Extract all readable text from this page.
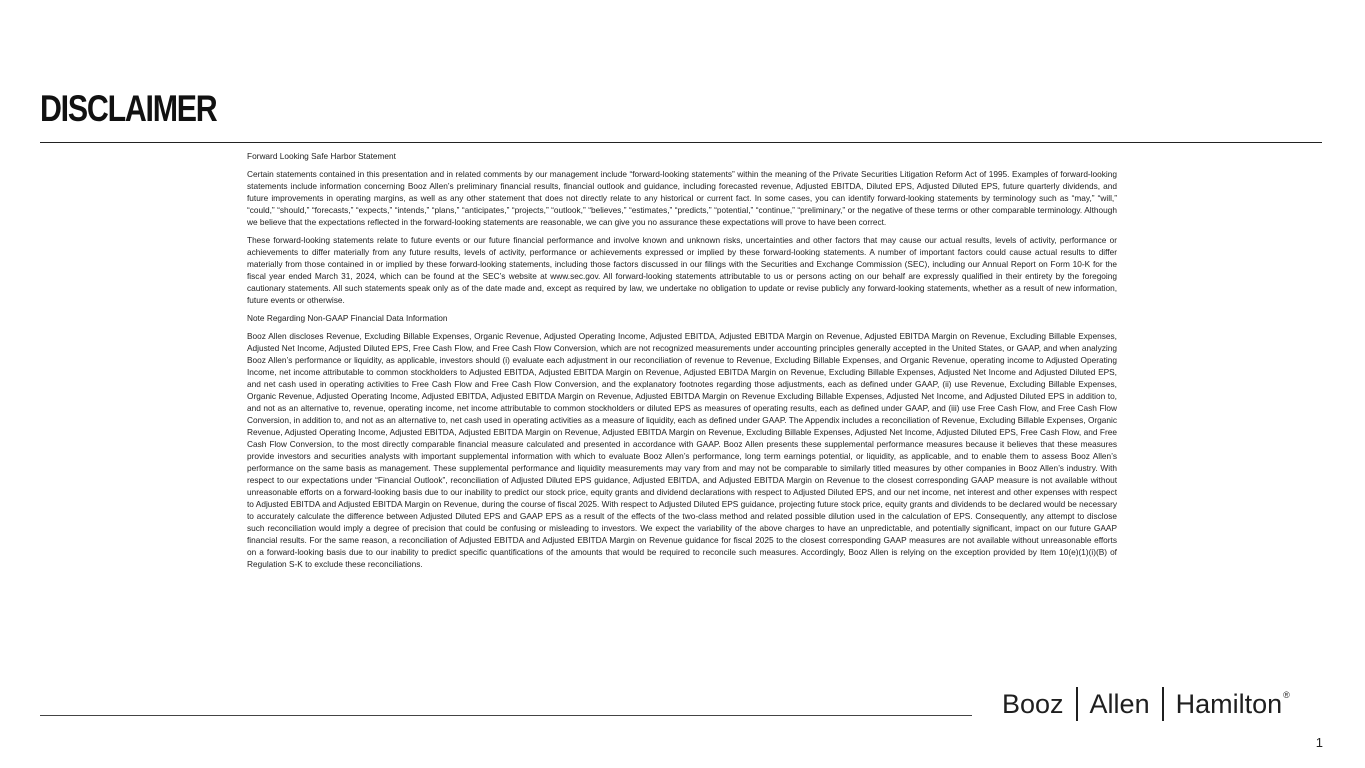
DISCLAIMER

Forward Looking Safe Harbor Statement

Certain statements contained in this presentation and in related comments by our management include “forward-looking statements” within the meaning of the Private Securities Litigation Reform Act of 1995. Examples of forward-looking statements include information concerning Booz Allen’s preliminary financial results, financial outlook and guidance, including forecasted revenue, Adjusted EBITDA, Diluted EPS, Adjusted Diluted EPS, future quarterly dividends, and future improvements in operating margins, as well as any other statement that does not directly relate to any historical or current fact. In some cases, you can identify forward-looking statements by terminology such as “may,” “will,” “could,” “should,” “forecasts,” “expects,” “intends,” “plans,” “anticipates,” “projects,” “outlook,” “believes,” “estimates,” “predicts,” “potential,” “continue,” “preliminary,” or the negative of these terms or other comparable terminology. Although we believe that the expectations reflected in the forward-looking statements are reasonable, we can give you no assurance these expectations will prove to have been correct.

These forward-looking statements relate to future events or our future financial performance and involve known and unknown risks, uncertainties and other factors that may cause our actual results, levels of activity, performance or achievements to differ materially from any future results, levels of activity, performance or achievements expressed or implied by these forward-looking statements. A number of important factors could cause actual results to differ materially from those contained in or implied by these forward-looking statements, including those factors discussed in our filings with the Securities and Exchange Commission (SEC), including our Annual Report on Form 10-K for the fiscal year ended March 31, 2024, which can be found at the SEC’s website at www.sec.gov. All forward-looking statements attributable to us or persons acting on our behalf are expressly qualified in their entirety by the foregoing cautionary statements. All such statements speak only as of the date made and, except as required by law, we undertake no obligation to update or revise publicly any forward-looking statements, whether as a result of new information, future events or otherwise.

Note Regarding Non-GAAP Financial Data Information

Booz Allen discloses Revenue, Excluding Billable Expenses, Organic Revenue, Adjusted Operating Income, Adjusted EBITDA, Adjusted EBITDA Margin on Revenue, Adjusted EBITDA Margin on Revenue, Excluding Billable Expenses, Adjusted Net Income, Adjusted Diluted EPS, Free Cash Flow, and Free Cash Flow Conversion, which are not recognized measurements under accounting principles generally accepted in the United States, or GAAP, and when analyzing Booz Allen’s performance or liquidity, as applicable, investors should (i) evaluate each adjustment in our reconciliation of revenue to Revenue, Excluding Billable Expenses, and Organic Revenue, operating income to Adjusted Operating Income, net income attributable to common stockholders to Adjusted EBITDA, Adjusted EBITDA Margin on Revenue, Adjusted EBITDA Margin on Revenue, Excluding Billable Expenses, Adjusted Net Income and Adjusted Diluted EPS, and net cash used in operating activities to Free Cash Flow and Free Cash Flow Conversion, and the explanatory footnotes regarding those adjustments, each as defined under GAAP, (ii) use Revenue, Excluding Billable Expenses, Organic Revenue, Adjusted Operating Income, Adjusted EBITDA, Adjusted EBITDA Margin on Revenue, Adjusted EBITDA Margin on Revenue Excluding Billable Expenses, Adjusted Net Income, and Adjusted Diluted EPS in addition to, and not as an alternative to, revenue, operating income, net income attributable to common stockholders or diluted EPS as measures of operating results, each as defined under GAAP, and (iii) use Free Cash Flow, and Free Cash Flow Conversion, in addition to, and not as an alternative to, net cash used in operating activities as a measure of liquidity, each as defined under GAAP. The Appendix includes a reconciliation of Revenue, Excluding Billable Expenses, Organic Revenue, Adjusted Operating Income, Adjusted EBITDA, Adjusted EBITDA Margin on Revenue, Adjusted EBITDA Margin on Revenue, Excluding Billable Expenses, Adjusted Net Income, Adjusted Diluted EPS, Free Cash Flow, and Free Cash Flow Conversion, to the most directly comparable financial measure calculated and presented in accordance with GAAP. Booz Allen presents these supplemental performance measures because it believes that these measures provide investors and securities analysts with important supplemental information with which to evaluate Booz Allen’s performance, long term earnings potential, or liquidity, as applicable, and to enable them to assess Booz Allen’s performance on the same basis as management. These supplemental performance and liquidity measurements may vary from and may not be comparable to similarly titled measures by other companies in Booz Allen’s industry. With respect to our expectations under “Financial Outlook”, reconciliation of Adjusted Diluted EPS guidance, Adjusted EBITDA, and Adjusted EBITDA Margin on Revenue to the closest corresponding GAAP measure is not available without unreasonable efforts on a forward-looking basis due to our inability to predict our stock price, equity grants and dividend declarations with respect to Adjusted Diluted EPS, and our net income, net interest and other expenses with respect to Adjusted EBITDA and Adjusted EBITDA Margin on Revenue, during the course of fiscal 2025. With respect to Adjusted Diluted EPS guidance, projecting future stock price, equity grants and dividends to be declared would be necessary to accurately calculate the difference between Adjusted Diluted EPS and GAAP EPS as a result of the effects of the two-class method and related possible dilution used in the calculation of EPS. Consequently, any attempt to disclose such reconciliation would imply a degree of precision that could be confusing or misleading to investors. We expect the variability of the above charges to have an unpredictable, and potentially significant, impact on our future GAAP financial results. For the same reason, a reconciliation of Adjusted EBITDA and Adjusted EBITDA Margin on Revenue guidance for fiscal 2025 to the closest corresponding GAAP measures are not available without unreasonable efforts on a forward-looking basis due to our inability to predict specific quantifications of the amounts that would be required to reconcile such measures. Accordingly, Booz Allen is relying on the exception provided by Item 10(e)(1)(i)(B) of Regulation S-K to exclude these reconciliations.

Booz Allen Hamilton ®
1
